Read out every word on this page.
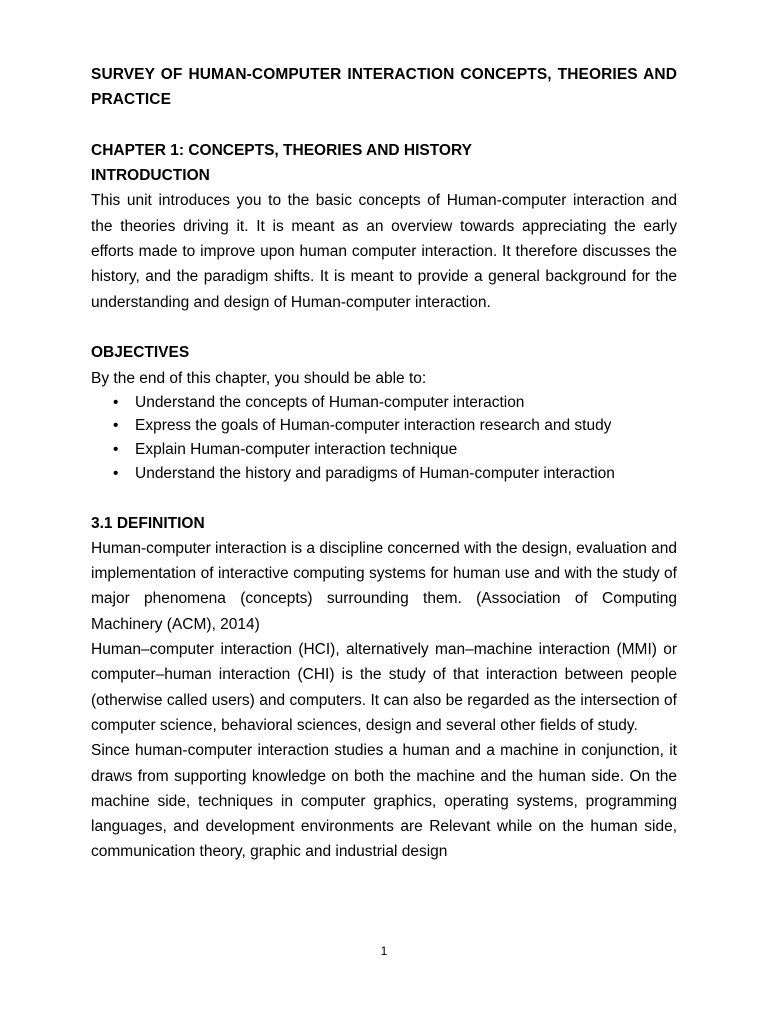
SURVEY OF HUMAN-COMPUTER INTERACTION CONCEPTS, THEORIES AND PRACTICE

CHAPTER 1: CONCEPTS, THEORIES AND HISTORY

INTRODUCTION

This unit introduces you to the basic concepts of Human-computer interaction and the theories driving it. It is meant as an overview towards appreciating the early efforts made to improve upon human computer interaction. It therefore discusses the history, and the paradigm shifts. It is meant to provide a general background for the understanding and design of Human-computer interaction.

OBJECTIVES

By the end of this chapter, you should be able to:

• Understand the concepts of Human-computer interaction
• Express the goals of Human-computer interaction research and study
• Explain Human-computer interaction technique
• Understand the history and paradigms of Human-computer interaction

3.1 DEFINITION

Human-computer interaction is a discipline concerned with the design, evaluation and implementation of interactive computing systems for human use and with the study of major phenomena (concepts) surrounding them. (Association of Computing Machinery (ACM), 2014)

Human–computer interaction (HCI), alternatively man–machine interaction (MMI) or computer–human interaction (CHI) is the study of that interaction between people (otherwise called users) and computers. It can also be regarded as the intersection of computer science, behavioral sciences, design and several other fields of study.

Since human-computer interaction studies a human and a machine in conjunction, it draws from supporting knowledge on both the machine and the human side. On the machine side, techniques in computer graphics, operating systems, programming languages, and development environments are Relevant while on the human side, communication theory, graphic and industrial design

1
